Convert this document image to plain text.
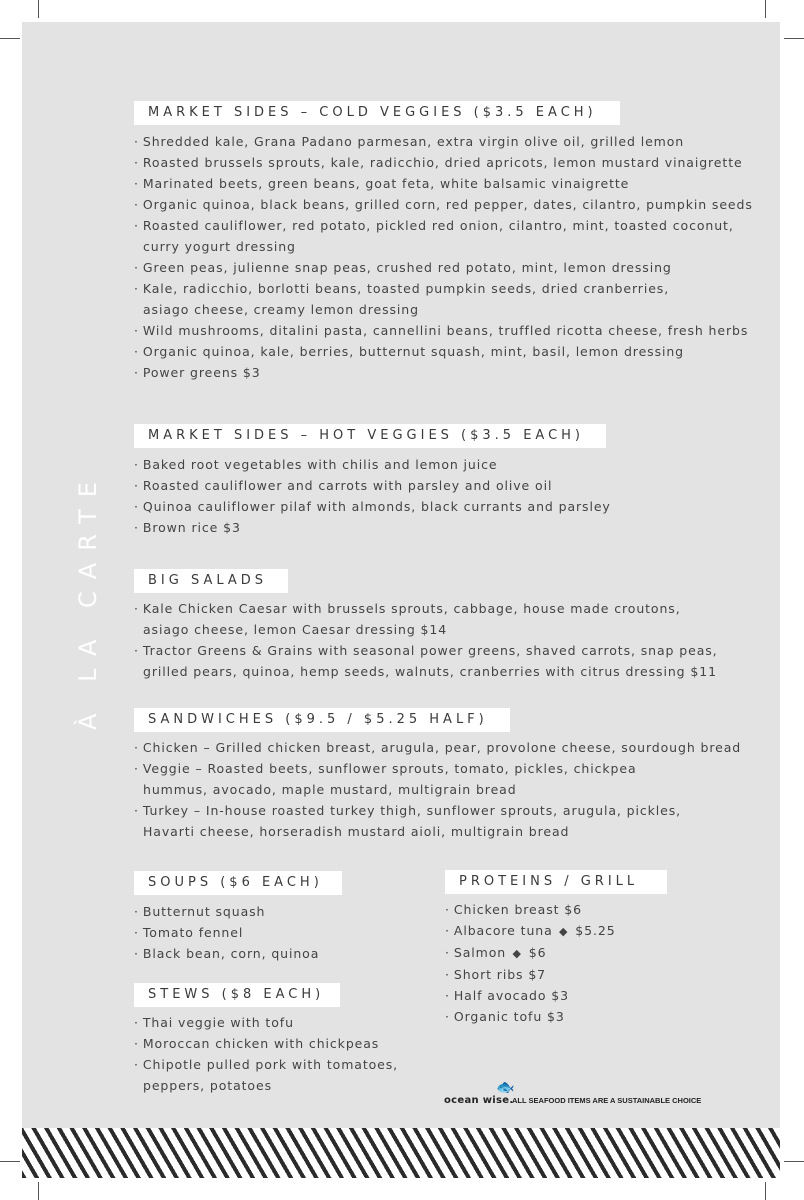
À LA CARTE
MARKET SIDES – COLD VEGGIES ($3.5 EACH)
· Shredded kale, Grana Padano parmesan, extra virgin olive oil, grilled lemon
· Roasted brussels sprouts, kale, radicchio, dried apricots, lemon mustard vinaigrette
· Marinated beets, green beans, goat feta, white balsamic vinaigrette
· Organic quinoa, black beans, grilled corn, red pepper, dates, cilantro, pumpkin seeds
· Roasted cauliflower, red potato, pickled red onion, cilantro, mint, toasted coconut,
curry yogurt dressing
· Green peas, julienne snap peas, crushed red potato, mint, lemon dressing
· Kale, radicchio, borlotti beans, toasted pumpkin seeds, dried cranberries,
asiago cheese, creamy lemon dressing
· Wild mushrooms, ditalini pasta, cannellini beans, truffled ricotta cheese, fresh herbs
· Organic quinoa, kale, berries, butternut squash, mint, basil, lemon dressing
· Power greens $3
MARKET SIDES – HOT VEGGIES ($3.5 EACH)
· Baked root vegetables with chilis and lemon juice
· Roasted cauliflower and carrots with parsley and olive oil
· Quinoa cauliflower pilaf with almonds, black currants and parsley
· Brown rice $3
BIG SALADS
· Kale Chicken Caesar with brussels sprouts, cabbage, house made croutons,
asiago cheese, lemon Caesar dressing $14
· Tractor Greens & Grains with seasonal power greens, shaved carrots, snap peas,
grilled pears, quinoa, hemp seeds, walnuts, cranberries with citrus dressing $11
SANDWICHES ($9.5 / $5.25 HALF)
· Chicken – Grilled chicken breast, arugula, pear, provolone cheese, sourdough bread
· Veggie – Roasted beets, sunflower sprouts, tomato, pickles, chickpea
hummus, avocado, maple mustard, multigrain bread
· Turkey – In-house roasted turkey thigh, sunflower sprouts, arugula, pickles,
Havarti cheese, horseradish mustard aioli, multigrain bread
SOUPS ($6 EACH)
· Butternut squash
· Tomato fennel
· Black bean, corn, quinoa
STEWS ($8 EACH)
· Thai veggie with tofu
· Moroccan chicken with chickpeas
· Chipotle pulled pork with tomatoes,
peppers, potatoes
PROTEINS / GRILL
· Chicken breast $6
· Albacore tuna ◆ $5.25
· Salmon ◆ $6
· Short ribs $7
· Half avocado $3
· Organic tofu $3
🐟
ocean wise.
ALL SEAFOOD ITEMS ARE A SUSTAINABLE CHOICE
